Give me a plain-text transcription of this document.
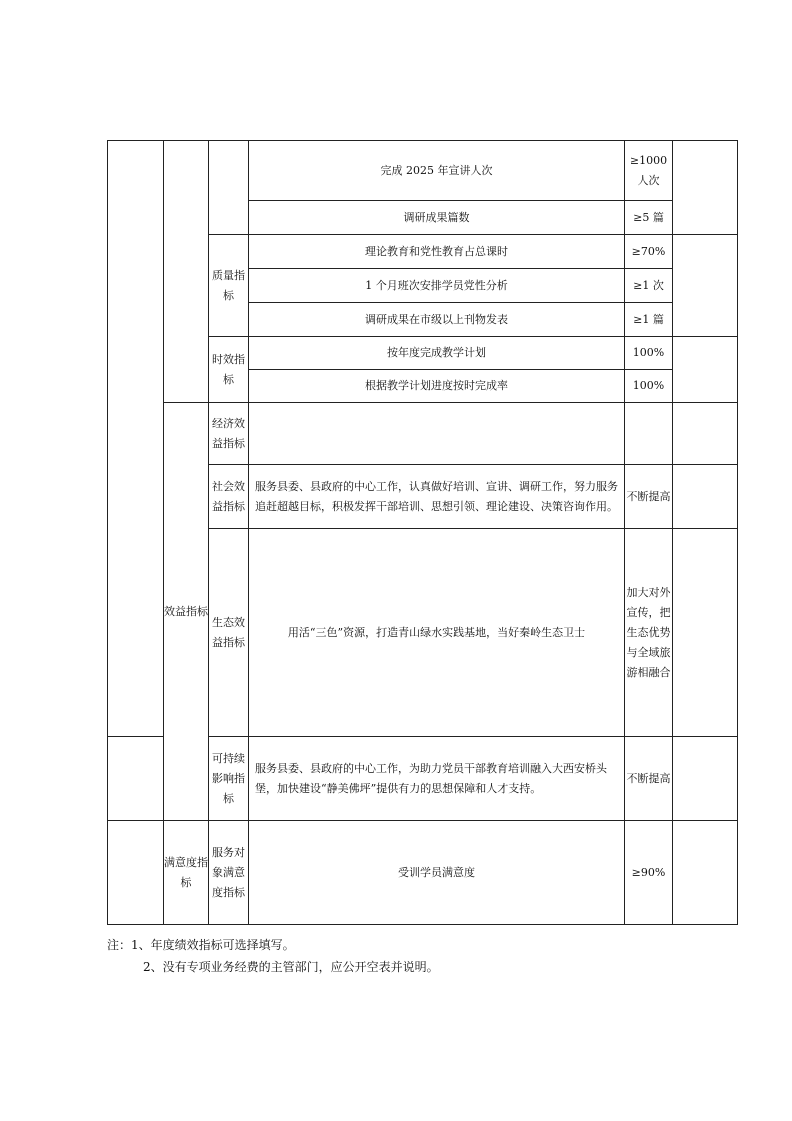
			完成 2025 年宣讲人次	≥1000人次	
			调研成果篇数	≥5 篇	
		质量指标	理论教育和党性教育占总课时	≥70%	
			1 个月班次安排学员党性分析	≥1 次	
			调研成果在市级以上刊物发表	≥1 篇	
		时效指标	按年度完成教学计划	100%	
			根据教学计划进度按时完成率	100%	
	效益指标	经济效益指标			
		社会效益指标	服务县委、县政府的中心工作，认真做好培训、宣讲、调研工作，努力服务追赶超越目标，积极发挥干部培训、思想引领、理论建设、决策咨询作用。	不断提高	
		生态效益指标	用活“三色”资源，打造青山绿水实践基地，当好秦岭生态卫士	加大对外宣传，把生态优势与全域旅游相融合	
		可持续影响指标	服务县委、县政府的中心工作，为助力党员干部教育培训融入大西安桥头堡，加快建设“静美佛坪”提供有力的思想保障和人才支持。	不断提高	
	满意度指标	服务对象满意度指标	受训学员满意度	≥90%	

注：1、年度绩效指标可选择填写。

2、没有专项业务经费的主管部门，应公开空表并说明。
